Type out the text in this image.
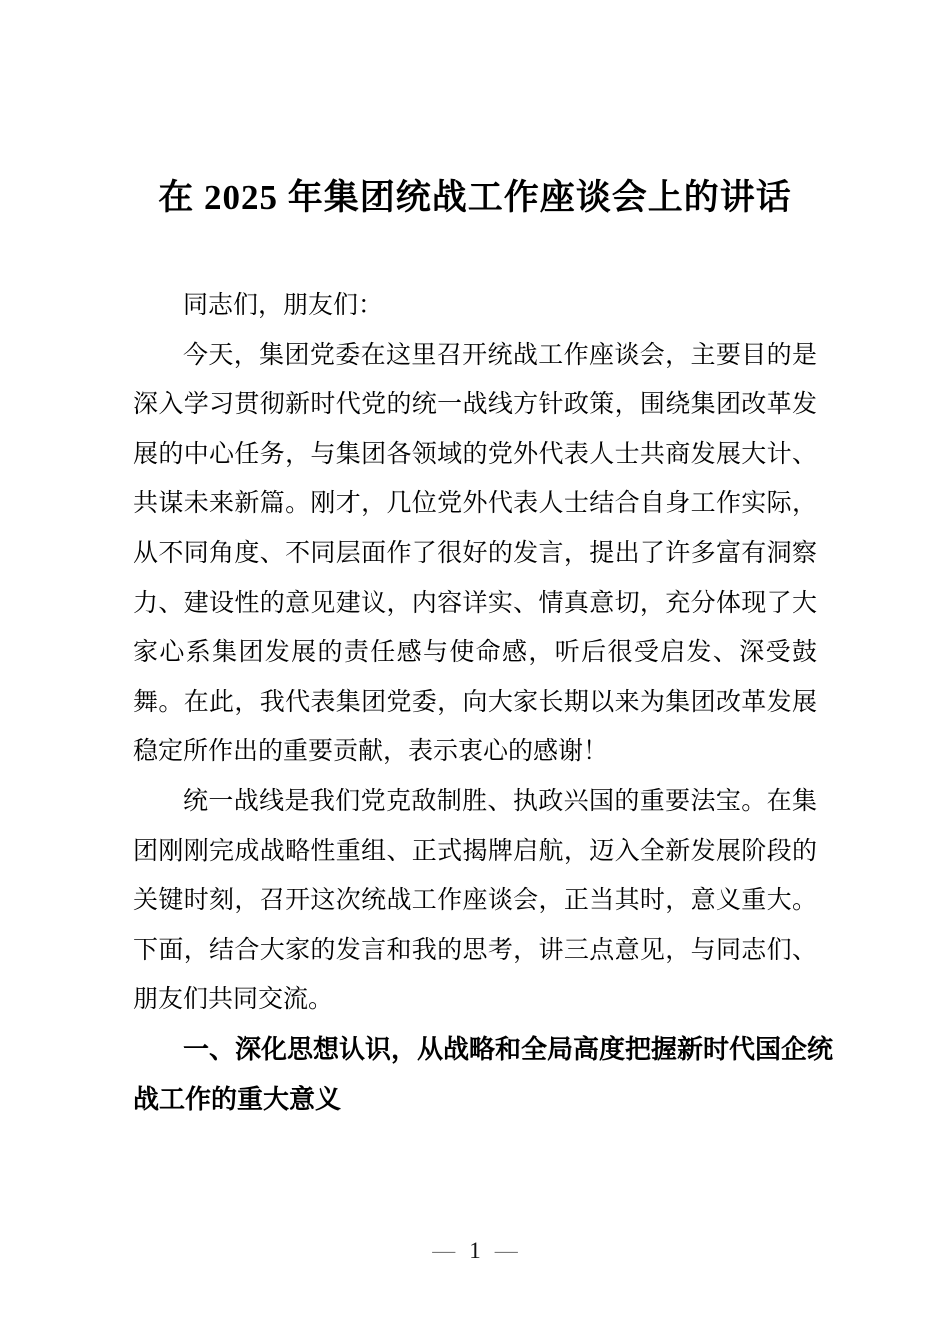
在 2025 年集团统战工作座谈会上的讲话
同志们，朋友们：
今天，集团党委在这里召开统战工作座谈会，主要目的是
深入学习贯彻新时代党的统一战线方针政策，围绕集团改革发
展的中心任务，与集团各领域的党外代表人士共商发展大计、
共谋未来新篇。刚才，几位党外代表人士结合自身工作实际，
从不同角度、不同层面作了很好的发言，提出了许多富有洞察
力、建设性的意见建议，内容详实、情真意切，充分体现了大
家心系集团发展的责任感与使命感，听后很受启发、深受鼓
舞。在此，我代表集团党委，向大家长期以来为集团改革发展
稳定所作出的重要贡献，表示衷心的感谢！
统一战线是我们党克敌制胜、执政兴国的重要法宝。在集
团刚刚完成战略性重组、正式揭牌启航，迈入全新发展阶段的
关键时刻，召开这次统战工作座谈会，正当其时，意义重大。
下面，结合大家的发言和我的思考，讲三点意见，与同志们、
朋友们共同交流。
一、深化思想认识，从战略和全局高度把握新时代国企统
战工作的重大意义
— 1 —
